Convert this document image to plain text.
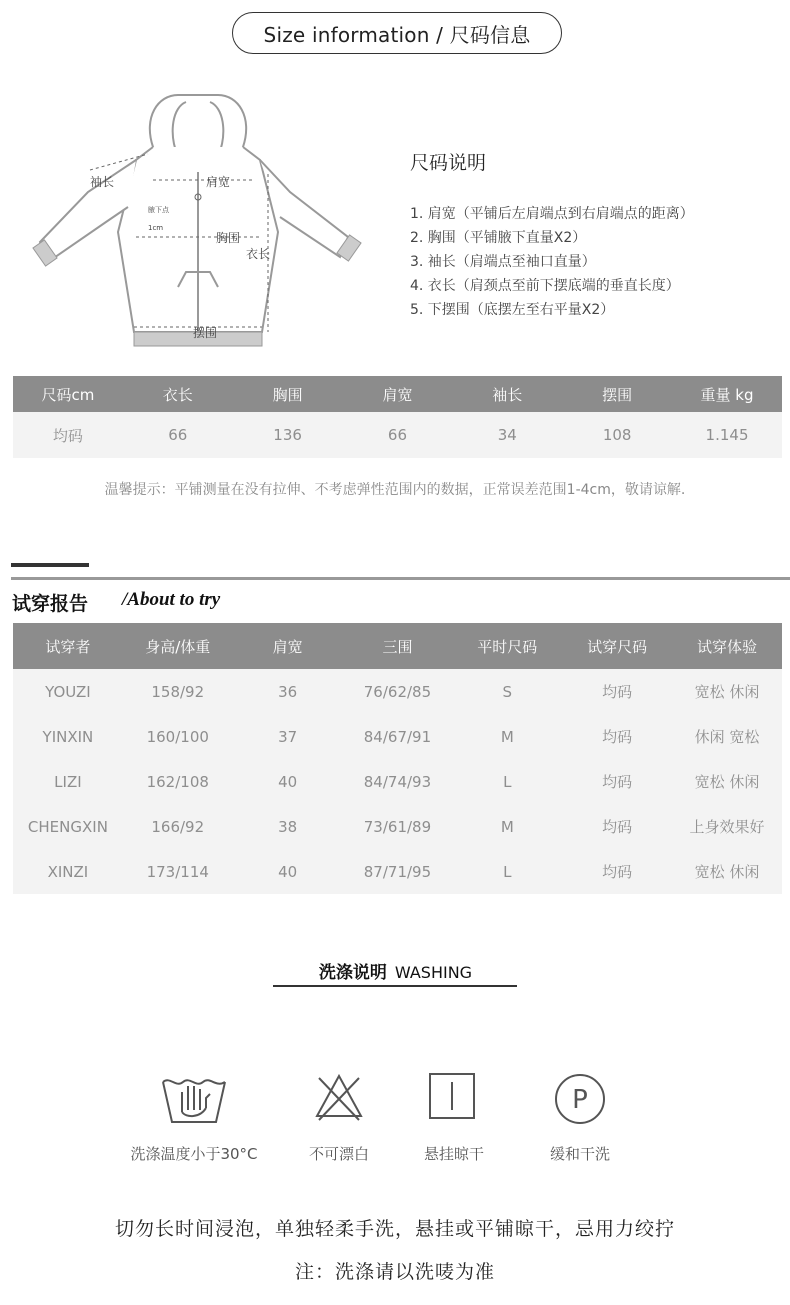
Size information / 尺码信息
袖长	肩宽
胸围
衣长
摆围
腋下点
1cm
尺码说明
1. 肩宽（平铺后左肩端点到右肩端点的距离）
2. 胸围（平铺腋下直量X2）
3. 袖长（肩端点至袖口直量）
4. 衣长（肩颈点至前下摆底端的垂直长度）
5. 下摆围（底摆左至右平量X2）
尺码cm	衣长	胸围	肩宽	袖长	摆围	重量 kg
均码	66	136	66	34	108	1.145
温馨提示：平铺测量在没有拉伸、不考虑弹性范围内的数据，正常误差范围1-4cm，敬请谅解.
试穿报告 /About to try
试穿者	身高/体重	肩宽	三围	平时尺码	试穿尺码	试穿体验
YOUZI	158/92	36	76/62/85	S	均码	宽松 休闲
YINXIN	160/100	37	84/67/91	M	均码	休闲 宽松
LIZI	162/108	40	84/74/93	L	均码	宽松 休闲
CHENGXIN	166/92	38	73/61/89	M	均码	上身效果好
XINZI	173/114	40	87/71/95	L	均码	宽松 休闲
洗涤说明 WASHING
洗涤温度小于30°C	不可漂白	悬挂晾干
P
缓和干洗
切勿长时间浸泡，单独轻柔手洗，悬挂或平铺晾干，忌用力绞拧
注：洗涤请以洗唛为准
